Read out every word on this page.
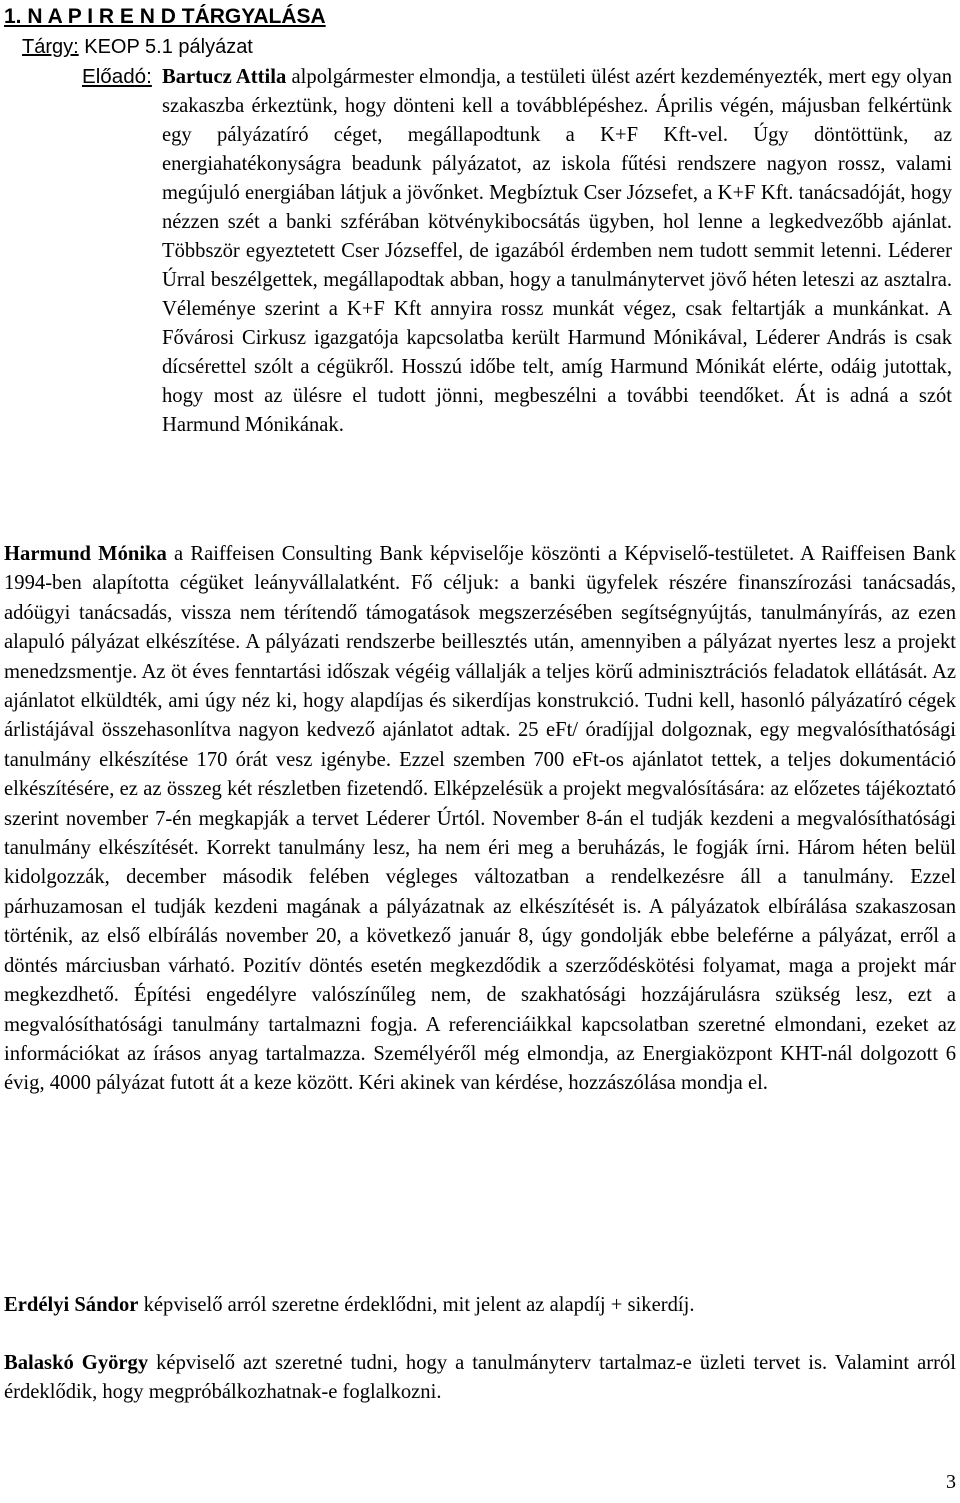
1. N A P I R E N D TÁRGYALÁSA

Tárgy: KEOP 5.1 pályázat

Előadó: Bartucz Attila alpolgármester elmondja, a testületi ülést azért kezdeményezték, mert egy olyan szakaszba érkeztünk, hogy dönteni kell a továbblépéshez. Április végén, májusban felkértünk egy pályázatíró céget, megállapodtunk a K+F Kft-vel. Úgy döntöttünk, az energiahatékonyságra beadunk pályázatot, az iskola fűtési rendszere nagyon rossz, valami megújuló energiában látjuk a jövőnket. Megbíztuk Cser Józsefet, a K+F Kft. tanácsadóját, hogy nézzen szét a banki szférában kötvénykibocsátás ügyben, hol lenne a legkedvezőbb ajánlat. Többször egyeztetett Cser Józseffel, de igazából érdemben nem tudott semmit letenni. Léderer Úrral beszélgettek, megállapodtak abban, hogy a tanulmánytervet jövő héten leteszi az asztalra. Véleménye szerint a K+F Kft annyira rossz munkát végez, csak feltartják a munkánkat. A Fővárosi Cirkusz igazgatója kapcsolatba került Harmund Mónikával, Léderer András is csak dícsérettel szólt a cégükről. Hosszú időbe telt, amíg Harmund Mónikát elérte, odáig jutottak, hogy most az ülésre el tudott jönni, megbeszélni a további teendőket. Át is adná a szót Harmund Mónikának.

Harmund Mónika a Raiffeisen Consulting Bank képviselője köszönti a Képviselő-testületet. A Raiffeisen Bank 1994-ben alapította cégüket leányvállalatként. Fő céljuk: a banki ügyfelek részére finanszírozási tanácsadás, adóügyi tanácsadás, vissza nem térítendő támogatások megszerzésében segítségnyújtás, tanulmányírás, az ezen alapuló pályázat elkészítése. A pályázati rendszerbe beillesztés után, amennyiben a pályázat nyertes lesz a projekt menedzsmentje. Az öt éves fenntartási időszak végéig vállalják a teljes körű adminisztrációs feladatok ellátását. Az ajánlatot elküldték, ami úgy néz ki, hogy alapdíjas és sikerdíjas konstrukció. Tudni kell, hasonló pályázatíró cégek árlistájával összehasonlítva nagyon kedvező ajánlatot adtak. 25 eFt/ óradíjjal dolgoznak, egy megvalósíthatósági tanulmány elkészítése 170 órát vesz igénybe. Ezzel szemben 700 eFt-os ajánlatot tettek, a teljes dokumentáció elkészítésére, ez az összeg két részletben fizetendő. Elképzelésük a projekt megvalósítására: az előzetes tájékoztató szerint november 7-én megkapják a tervet Léderer Úrtól. November 8-án el tudják kezdeni a megvalósíthatósági tanulmány elkészítését. Korrekt tanulmány lesz, ha nem éri meg a beruházás, le fogják írni. Három héten belül kidolgozzák, december második felében végleges változatban a rendelkezésre áll a tanulmány. Ezzel párhuzamosan el tudják kezdeni magának a pályázatnak az elkészítését is. A pályázatok elbírálása szakaszosan történik, az első elbírálás november 20, a következő január 8, úgy gondolják ebbe beleférne a pályázat, erről a döntés márciusban várható. Pozitív döntés esetén megkezdődik a szerződéskötési folyamat, maga a projekt már megkezdhető. Építési engedélyre valószínűleg nem, de szakhatósági hozzájárulásra szükség lesz, ezt a megvalósíthatósági tanulmány tartalmazni fogja. A referenciáikkal kapcsolatban szeretné elmondani, ezeket az információkat az írásos anyag tartalmazza. Személyéről még elmondja, az Energiaközpont KHT-nál dolgozott 6 évig, 4000 pályázat futott át a keze között. Kéri akinek van kérdése, hozzászólása mondja el.

Erdélyi Sándor képviselő arról szeretne érdeklődni, mit jelent az alapdíj + sikerdíj.

Balaskó György képviselő azt szeretné tudni, hogy a tanulmányterv tartalmaz-e üzleti tervet is. Valamint arról érdeklődik, hogy megpróbálkozhatnak-e foglalkozni.

3
